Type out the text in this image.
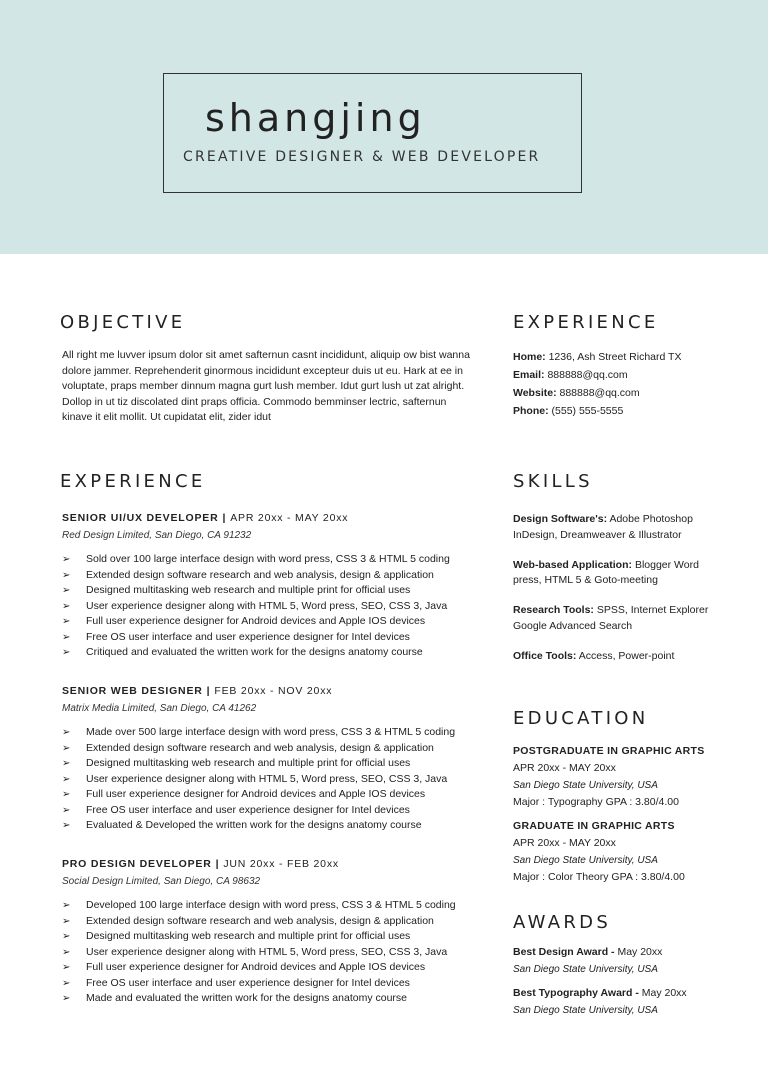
shangjing
CREATIVE DESIGNER & WEB DEVELOPER
OBJECTIVE

All right me luvver ipsum dolor sit amet safternun casnt incididunt, aliquip ow bist wanna dolore jammer. Reprehenderit ginormous incididunt excepteur duis ut eu. Hark at ee in voluptate, praps member dinnum magna gurt lush member. Idut gurt lush ut zat alright. Dollop in ut tiz discolated dint praps officia. Commodo bemminser lectric, safternun kinave it elit mollit. Ut cupidatat elit, zider idut

EXPERIENCE
SENIOR UI/UX DEVELOPER | APR 20xx - MAY 20xx
Red Design Limited, San Diego, CA 91232
➢ Sold over 100 large interface design with word press, CSS 3 & HTML 5 coding
➢ Extended design software research and web analysis, design & application
➢ Designed multitasking web research and multiple print for official uses
➢ User experience designer along with HTML 5, Word press, SEO, CSS 3, Java
➢ Full user experience designer for Android devices and Apple IOS devices
➢ Free OS user interface and user experience designer for Intel devices
➢ Critiqued and evaluated the written work for the designs anatomy course
SENIOR WEB DESIGNER | FEB 20xx - NOV 20xx
Matrix Media Limited, San Diego, CA 41262
➢ Made over 500 large interface design with word press, CSS 3 & HTML 5 coding
➢ Extended design software research and web analysis, design & application
➢ Designed multitasking web research and multiple print for official uses
➢ User experience designer along with HTML 5, Word press, SEO, CSS 3, Java
➢ Full user experience designer for Android devices and Apple IOS devices
➢ Free OS user interface and user experience designer for Intel devices
➢ Evaluated & Developed the written work for the designs anatomy course
PRO DESIGN DEVELOPER | JUN 20xx - FEB 20xx
Social Design Limited, San Diego, CA 98632
➢ Developed 100 large interface design with word press, CSS 3 & HTML 5 coding
➢ Extended design software research and web analysis, design & application
➢ Designed multitasking web research and multiple print for official uses
➢ User experience designer along with HTML 5, Word press, SEO, CSS 3, Java
➢ Full user experience designer for Android devices and Apple IOS devices
➢ Free OS user interface and user experience designer for Intel devices
➢ Made and evaluated the written work for the designs anatomy course
EXPERIENCE
Home: 1236, Ash Street Richard TX
Email: 888888@qq.com
Website: 888888@qq.com
Phone: (555) 555-5555
SKILLS
Design Software's: Adobe Photoshop InDesign, Dreamweaver & Illustrator
Web-based Application: Blogger Word press, HTML 5 & Goto-meeting
Research Tools: SPSS, Internet Explorer Google Advanced Search
Office Tools: Access, Power-point
EDUCATION
POSTGRADUATE IN GRAPHIC ARTS
APR 20xx - MAY 20xx
San Diego State University, USA
Major : Typography GPA : 3.80/4.00
GRADUATE IN GRAPHIC ARTS
APR 20xx - MAY 20xx
San Diego State University, USA
Major : Color Theory GPA : 3.80/4.00
AWARDS
Best Design Award - May 20xx
San Diego State University, USA
Best Typography Award - May 20xx
San Diego State University, USA
